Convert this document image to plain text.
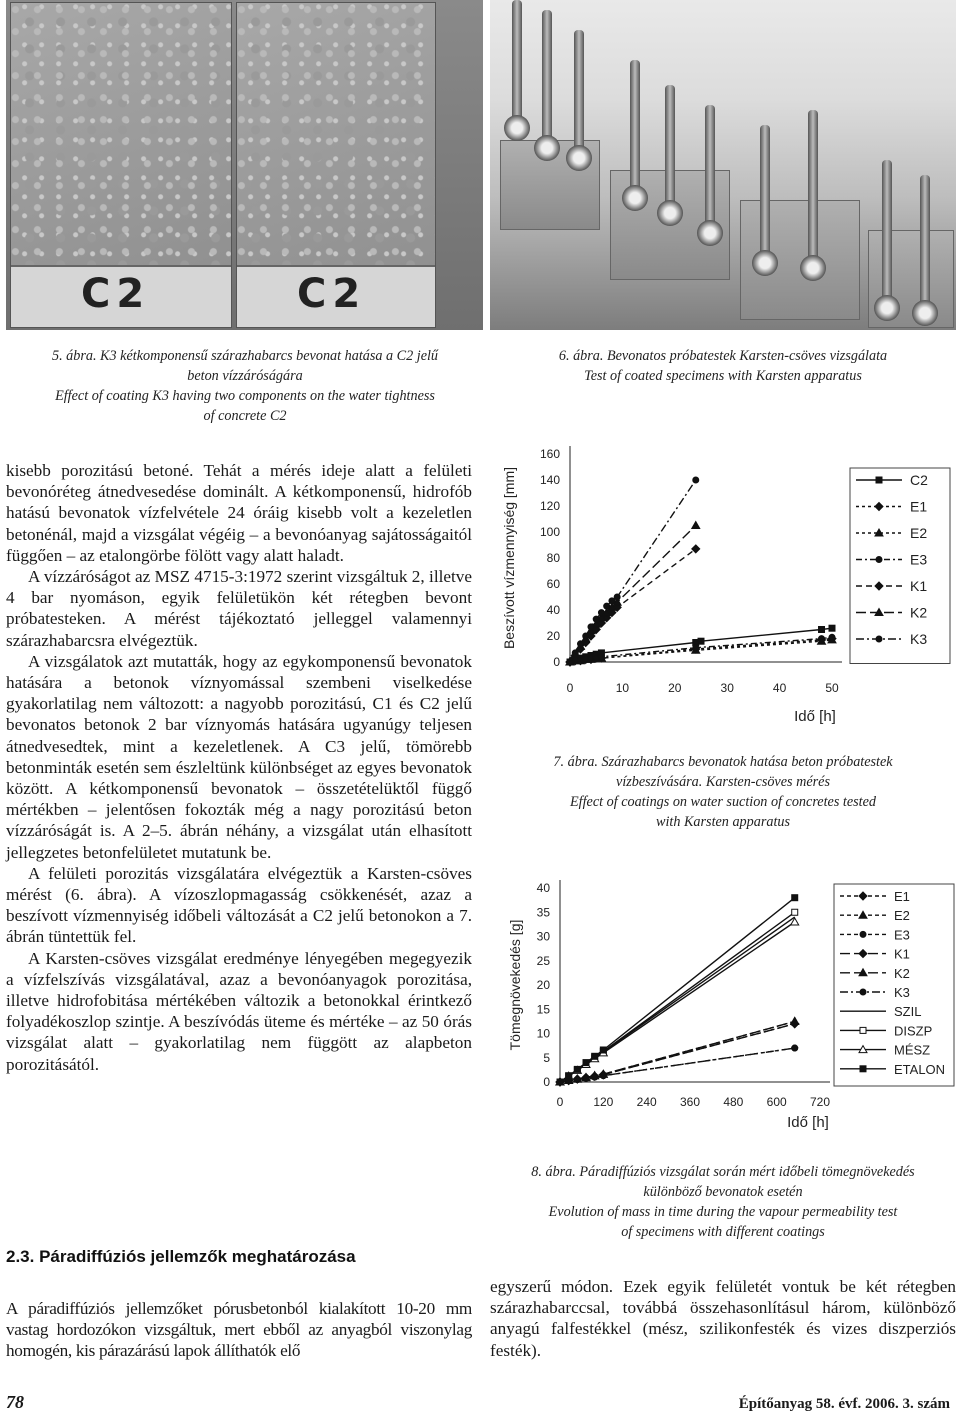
C2	C2
5. ábra. K3 kétkomponensű szárazhabarcs bevonat hatása a C2 jelű
beton vízzáróságára
Effect of coating K3 having two components on the water tightness
of concrete C2
6. ábra. Bevonatos próbatestek Karsten-csöves vizsgálata
Test of coated specimens with Karsten apparatus

kisebb porozitású betoné. Tehát a mérés ideje alatt a felületi bevonóréteg átnedvesedése dominált. A kétkomponensű, hidrofób hatású bevonatok vízfelvétele 24 óráig kisebb volt a kezeletlen betonénál, majd a vizsgálat végéig – a bevonóanyag sajátosságaitól függően – az etalongörbe fölött vagy alatt haladt.

A vízzáróságot az MSZ 4715-3:1972 szerint vizsgáltuk 2, illetve 4 bar nyomáson, egyik felületükön két rétegben bevont próbatesteken. A mérést tájékoztató jelleggel valamennyi szárazhabarcsra elvégeztük.

A vizsgálatok azt mutatták, hogy az egykomponensű bevonatok hatására a betonok víznyomással szembeni viselkedése gyakorlatilag nem változott: a nagyobb porozitású, C1 és C2 jelű bevonatos betonok 2 bar víznyomás hatására ugyanúgy teljesen átnedvesedtek, mint a kezeletlenek. A C3 jelű, tömörebb betonminták esetén sem észleltünk különbséget az egyes bevonatok között. A kétkomponensű bevonatok – összetételüktől függő mértékben – jelentősen fokozták még a nagy porozitású beton vízzáróságát is. A 2–5. ábrán néhány, a vizsgálat után elhasított jellegzetes betonfelületet mutatunk be.

A felületi porozitás vizsgálatára elvégeztük a Karsten-csöves mérést (6. ábra). A vízoszlopmagasság csökkenését, azaz a beszívott vízmennyiség időbeli változását a C2 jelű betonokon a 7. ábrán tüntettük fel.

A Karsten-csöves vizsgálat eredménye lényegében megegyezik a vízfelszívás vizsgálatával, azaz a bevonóanyagok porozitása, illetve hidrofobitása mértékében változik a betonokkal érintkező folyadékoszlop szintje. A beszívódás üteme és mértéke – az 50 órás vizsgálat alatt – gyakorlatilag nem függött az alapbeton porozitásától.

2.3. Páradiffúziós jellemzők meghatározása

A páradiffúziós jellemzőket pórusbetonból kialakított 10-20 mm vastag hordozókon vizsgáltuk, mert ebből az anyagból viszonylag homogén, kis párazárású lapok állíthatók elő

0
20
40
60
80
100
120
140
160
0	10	20	30	40	50
Idő [h]
Beszívott vízmennyiség [mm]	C2
E1
E2
E3
K1
K2
K3
7. ábra. Szárazhabarcs bevonatok hatása beton próbatestek
vízbeszívására. Karsten-csöves mérés
Effect of coatings on water suction of concretes tested
with Karsten apparatus
0
5
10
15
20
25
30
35
40
0 120 240 360 480 600 720
Idő [h]
Tömegnövekedés [g]
E1
E2
E3
K1
K2
K3
SZIL
DISZP
MÉSZ
ETALON
8. ábra. Páradiffúziós vizsgálat során mért időbeli tömegnövekedés
különböző bevonatok esetén
Evolution of mass in time during the vapour permeability test
of specimens with different coatings

egyszerű módon. Ezek egyik felületét vontuk be két rétegben szárazhabarccsal, továbbá összehasonlításul három, különböző anyagú falfestékkel (mész, szilikonfesték és vizes diszperziós festék).

78	Építőanyag 58. évf. 2006. 3. szám
